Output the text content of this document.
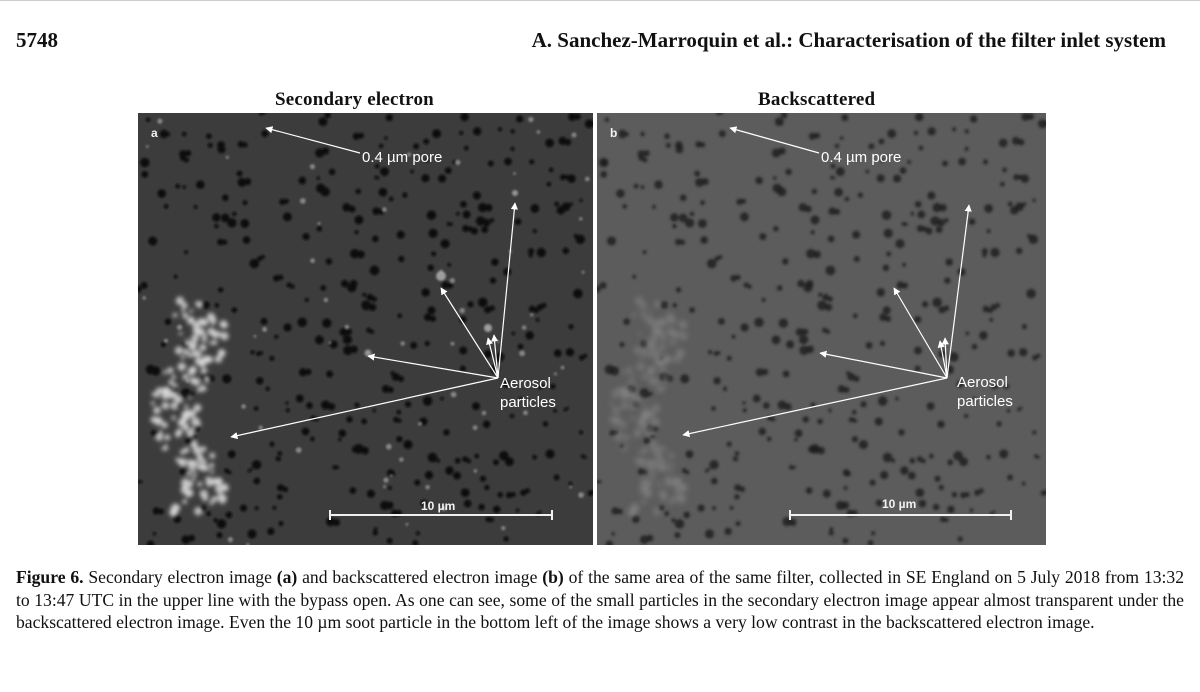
5748	A. Sanchez-Marroquin et al.: Characterisation of the filter inlet system
Secondary electron	Backscattered
a
0.4 µm pore
Aerosol
particles
10 µm
b
0.4 µm pore
Aerosol
particles
10 µm
Figure 6. Secondary electron image (a) and backscattered electron image (b) of the same area of the same filter, collected in SE England on 5 July 2018 from 13:32 to 13:47 UTC in the upper line with the bypass open. As one can see, some of the small particles in the secondary electron image appear almost transparent under the backscattered electron image. Even the 10 µm soot particle in the bottom left of the image shows a very low contrast in the backscattered electron image.
